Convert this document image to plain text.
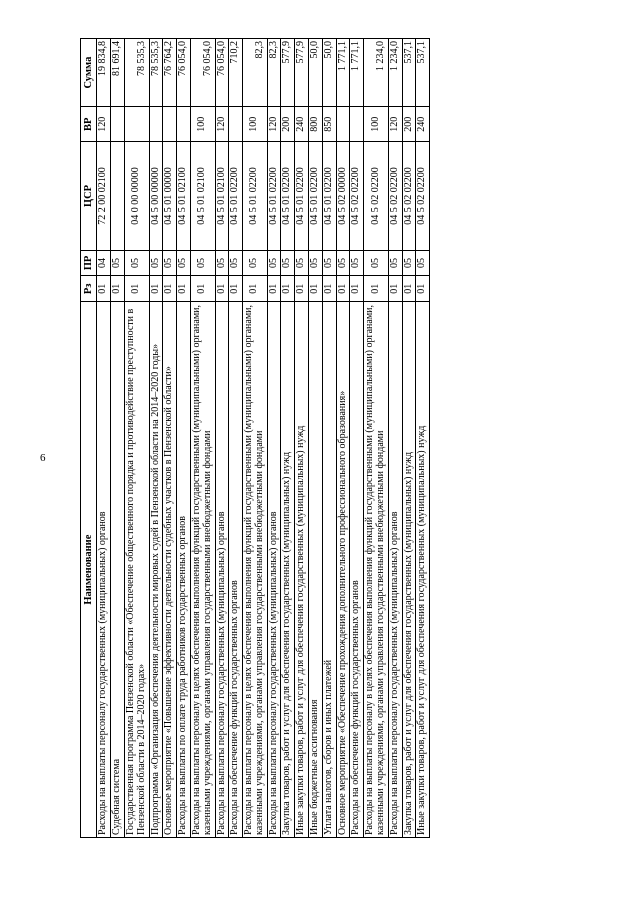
6
Наименование	Рз	ПР	ЦСР	ВР	Сумма
Расходы на выплаты персоналу государственных (муниципальных) органов	01	04	72 2 00 02100	120	19 834,8
Судебная система	01	05			81 691,4
Государственная программа Пензенской области «Обеспечение общественного порядка и противодействие преступности в Пензенской области в 2014–2020 годах»	01	05	04 0 00 00000		78 535,3
Подпрограмма «Организация обеспечения деятельности мировых судей в Пензенской области на 2014–2020 годы»	01	05	04 5 00 00000		78 535,3
Основное мероприятие «Повышение эффективности деятельности судебных участков в Пензенской области»	01	05	04 5 01 00000		76 764,2
Расходы на выплаты по оплате труда работников государственных органов	01	05	04 5 01 02100		76 054,0
Расходы на выплаты персоналу в целях обеспечения выполнения функций государственными (муниципальными) органами, казенными учреждениями, органами управления государственными внебюджетными фондами	01	05	04 5 01 02100	100	76 054,0
Расходы на выплаты персоналу государственных (муниципальных) органов	01	05	04 5 01 02100	120	76 054,0
Расходы на обеспечение функций государственных органов	01	05	04 5 01 02200		710,2
Расходы на выплаты персоналу в целях обеспечения выполнения функций государственными (муниципальными) органами, казенными учреждениями, органами управления государственными внебюджетными фондами	01	05	04 5 01 02200	100	82,3
Расходы на выплаты персоналу государственных (муниципальных) органов	01	05	04 5 01 02200	120	82,3
Закупка товаров, работ и услуг для обеспечения государственных (муниципальных) нужд	01	05	04 5 01 02200	200	577,9
Иные закупки товаров, работ и услуг для обеспечения государственных (муниципальных) нужд	01	05	04 5 01 02200	240	577,9
Иные бюджетные ассигнования	01	05	04 5 01 02200	800	50,0
Уплата налогов, сборов и иных платежей	01	05	04 5 01 02200	850	50,0
Основное мероприятие «Обеспечение прохождения дополнительного профессионального образования»	01	05	04 5 02 00000		1 771,1
Расходы на обеспечение функций государственных органов	01	05	04 5 02 02200		1 771,1
Расходы на выплаты персоналу в целях обеспечения выполнения функций государственными (муниципальными) органами, казенными учреждениями, органами управления государственными внебюджетными фондами	01	05	04 5 02 02200	100	1 234,0
Расходы на выплаты персоналу государственных (муниципальных) органов	01	05	04 5 02 02200	120	1 234,0
Закупка товаров, работ и услуг для обеспечения государственных (муниципальных) нужд	01	05	04 5 02 02200	200	537,1
Иные закупки товаров, работ и услуг для обеспечения государственных (муниципальных) нужд	01	05	04 5 02 02200	240	537,1
